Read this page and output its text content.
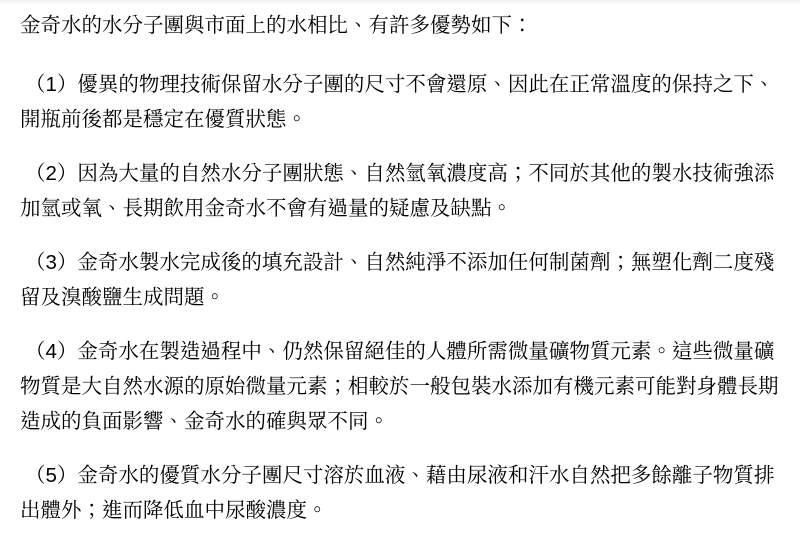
金奇水的水分子團與市面上的水相比、有許多優勢如下：

（1）優異的物理技術保留水分子團的尺寸不會還原、因此在正常溫度的保持之下、開瓶前後都是穩定在優質狀態。

（2）因為大量的自然水分子團狀態、自然氫氧濃度高；不同於其他的製水技術強添加氫或氧、長期飲用金奇水不會有過量的疑慮及缺點。

（3）金奇水製水完成後的填充設計、自然純淨不添加任何制菌劑；無塑化劑二度殘留及溴酸鹽生成問題。

（4）金奇水在製造過程中、仍然保留絕佳的人體所需微量礦物質元素。這些微量礦物質是大自然水源的原始微量元素；相較於一般包裝水添加有機元素可能對身體長期造成的負面影響、金奇水的確與眾不同。

（5）金奇水的優質水分子團尺寸溶於血液、藉由尿液和汗水自然把多餘離子物質排出體外；進而降低血中尿酸濃度。
